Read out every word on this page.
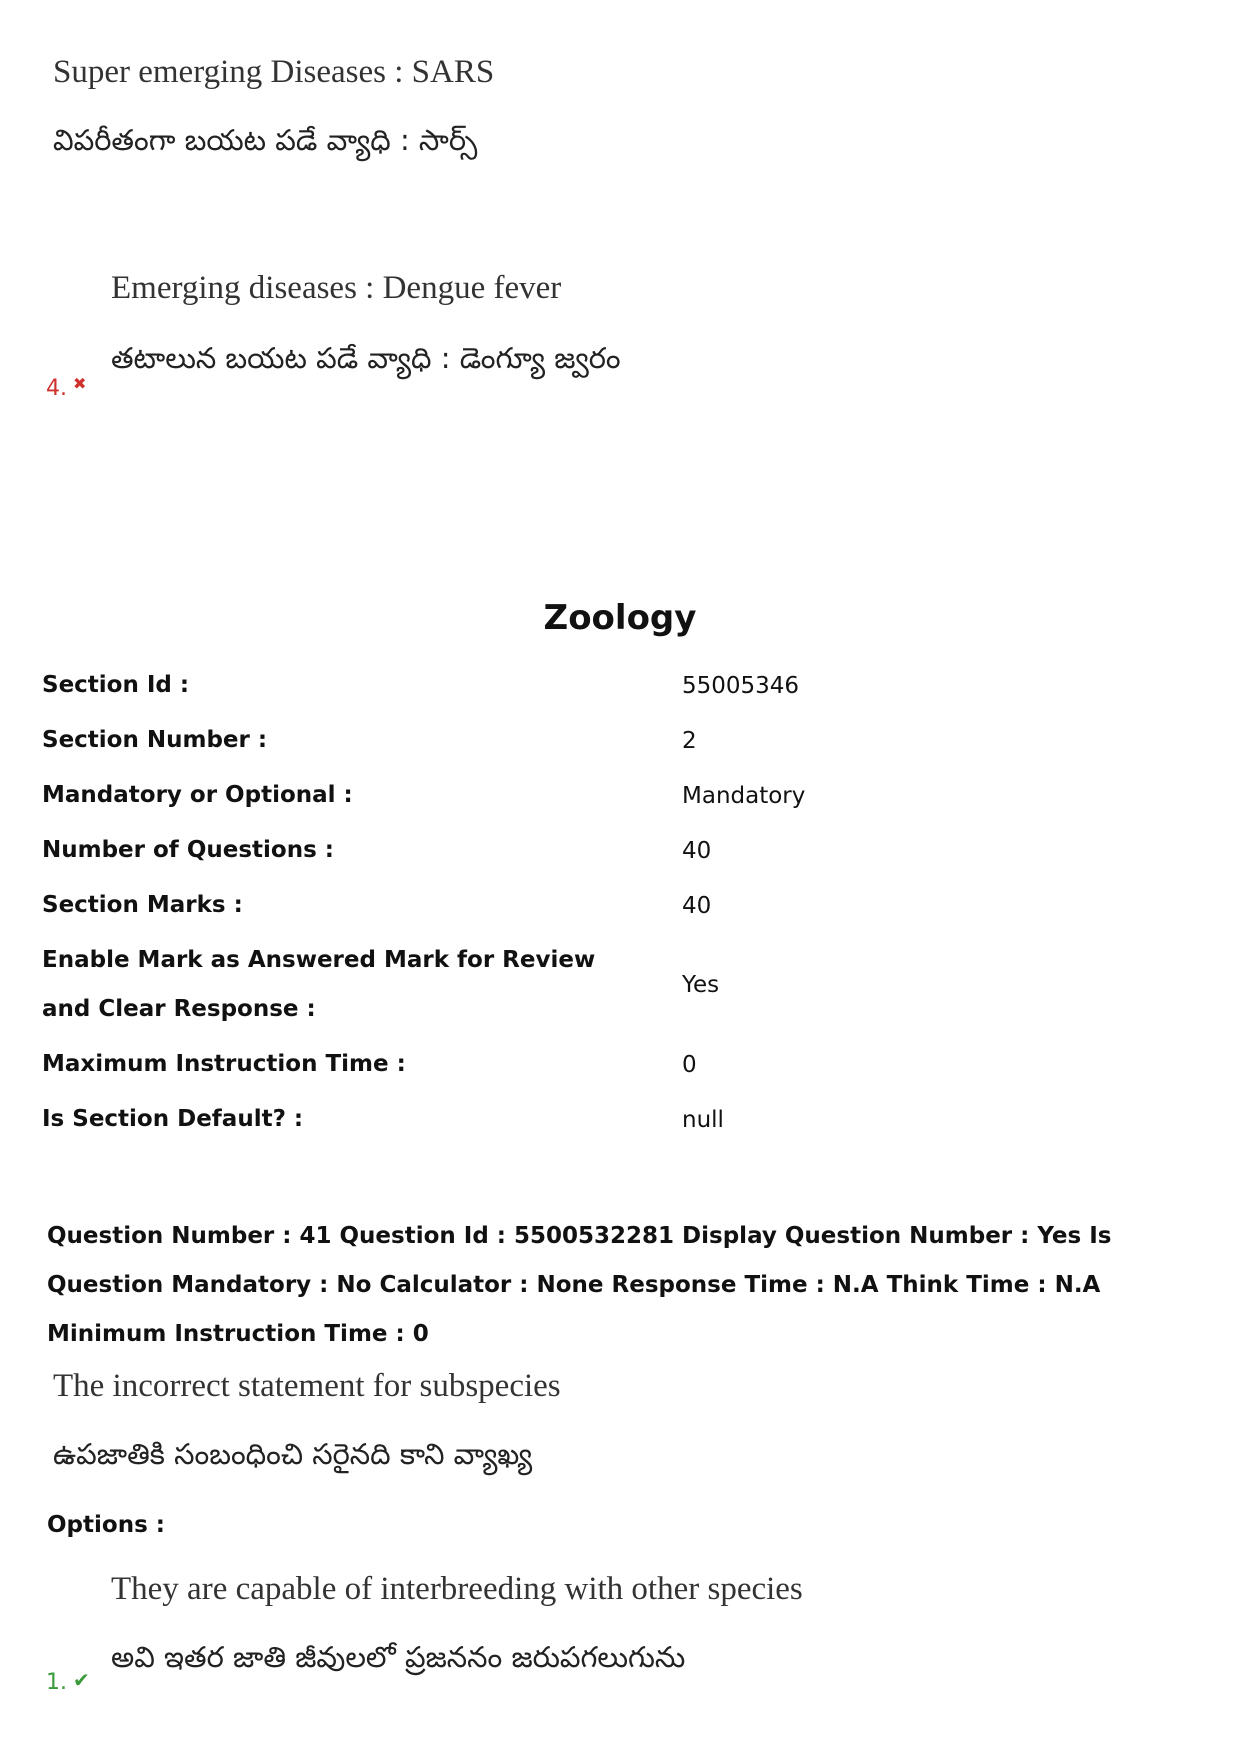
Super emerging Diseases : SARS
విపరీతంగా బయట పడే వ్యాధి : సార్స్
Emerging diseases : Dengue fever
తటాలున బయట పడే వ్యాధి : డెంగ్యూ జ్వరం
4. ✖
Zoology
Section Id :	55005346
Section Number :	2
Mandatory or Optional :	Mandatory
Number of Questions :	40
Section Marks :	40
Enable Mark as Answered Mark for Review and Clear Response :
Yes
Maximum Instruction Time :	0
Is Section Default? :	null
Question Number : 41 Question Id : 5500532281 Display Question Number : Yes Is Question Mandatory : No Calculator : None Response Time : N.A Think Time : N.A Minimum Instruction Time : 0
The incorrect statement for subspecies
ఉపజాతికి సంబంధించి సరైనది కాని వ్యాఖ్య
Options :
They are capable of interbreeding with other species
అవి ఇతర జాతి జీవులలో ప్రజననం జరుపగలుగును
1. ✔
